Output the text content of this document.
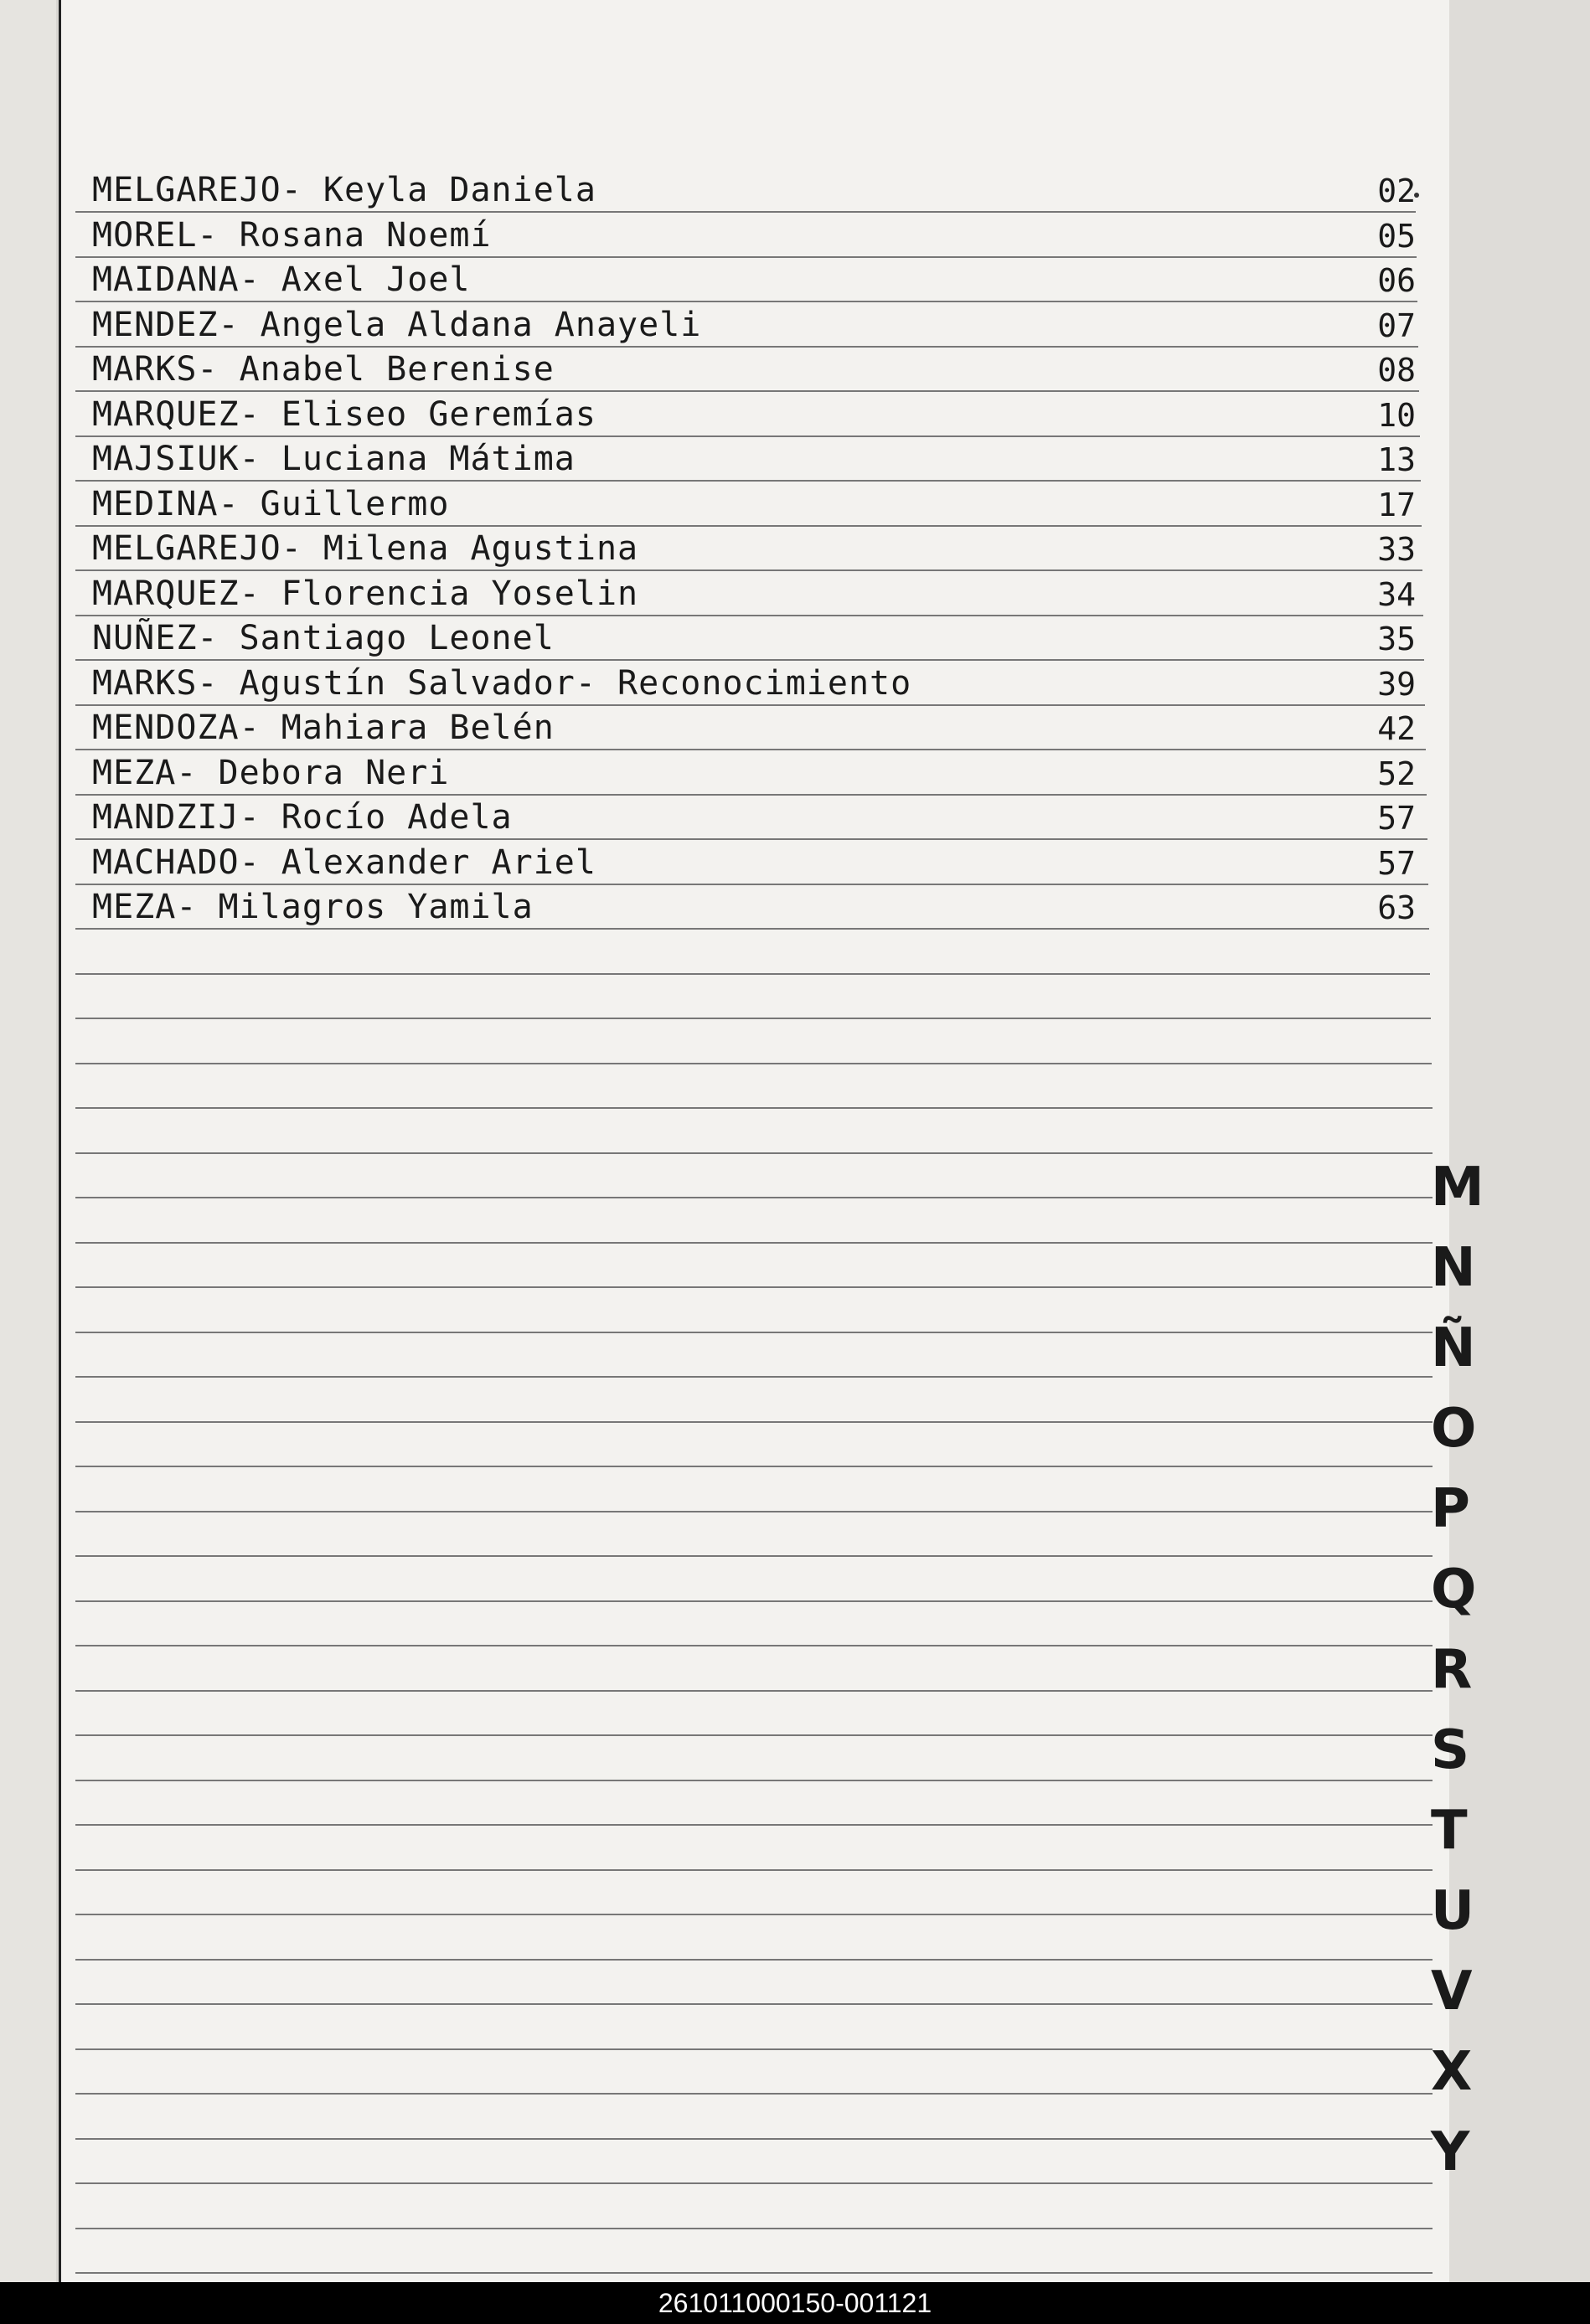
MELGAREJO- Keyla Daniela	02
MOREL- Rosana Noemí	05
MAIDANA- Axel Joel	06
MENDEZ- Angela Aldana Anayeli	07
MARKS- Anabel Berenise	08
MARQUEZ- Eliseo Geremías	10
MAJSIUK- Luciana Mátima	13
MEDINA- Guillermo	17
MELGAREJO- Milena Agustina	33
MARQUEZ- Florencia Yoselin	34
NUÑEZ- Santiago Leonel	35
MARKS- Agustín Salvador- Reconocimiento	39
MENDOZA- Mahiara Belén	42
MEZA- Debora Neri	52
MANDZIJ- Rocío Adela	57
MACHADO- Alexander Ariel	57
MEZA- Milagros Yamila	63
M
N
Ñ
O
P
Q
R
S
T
U
V
X
Y
261011000150-001121
